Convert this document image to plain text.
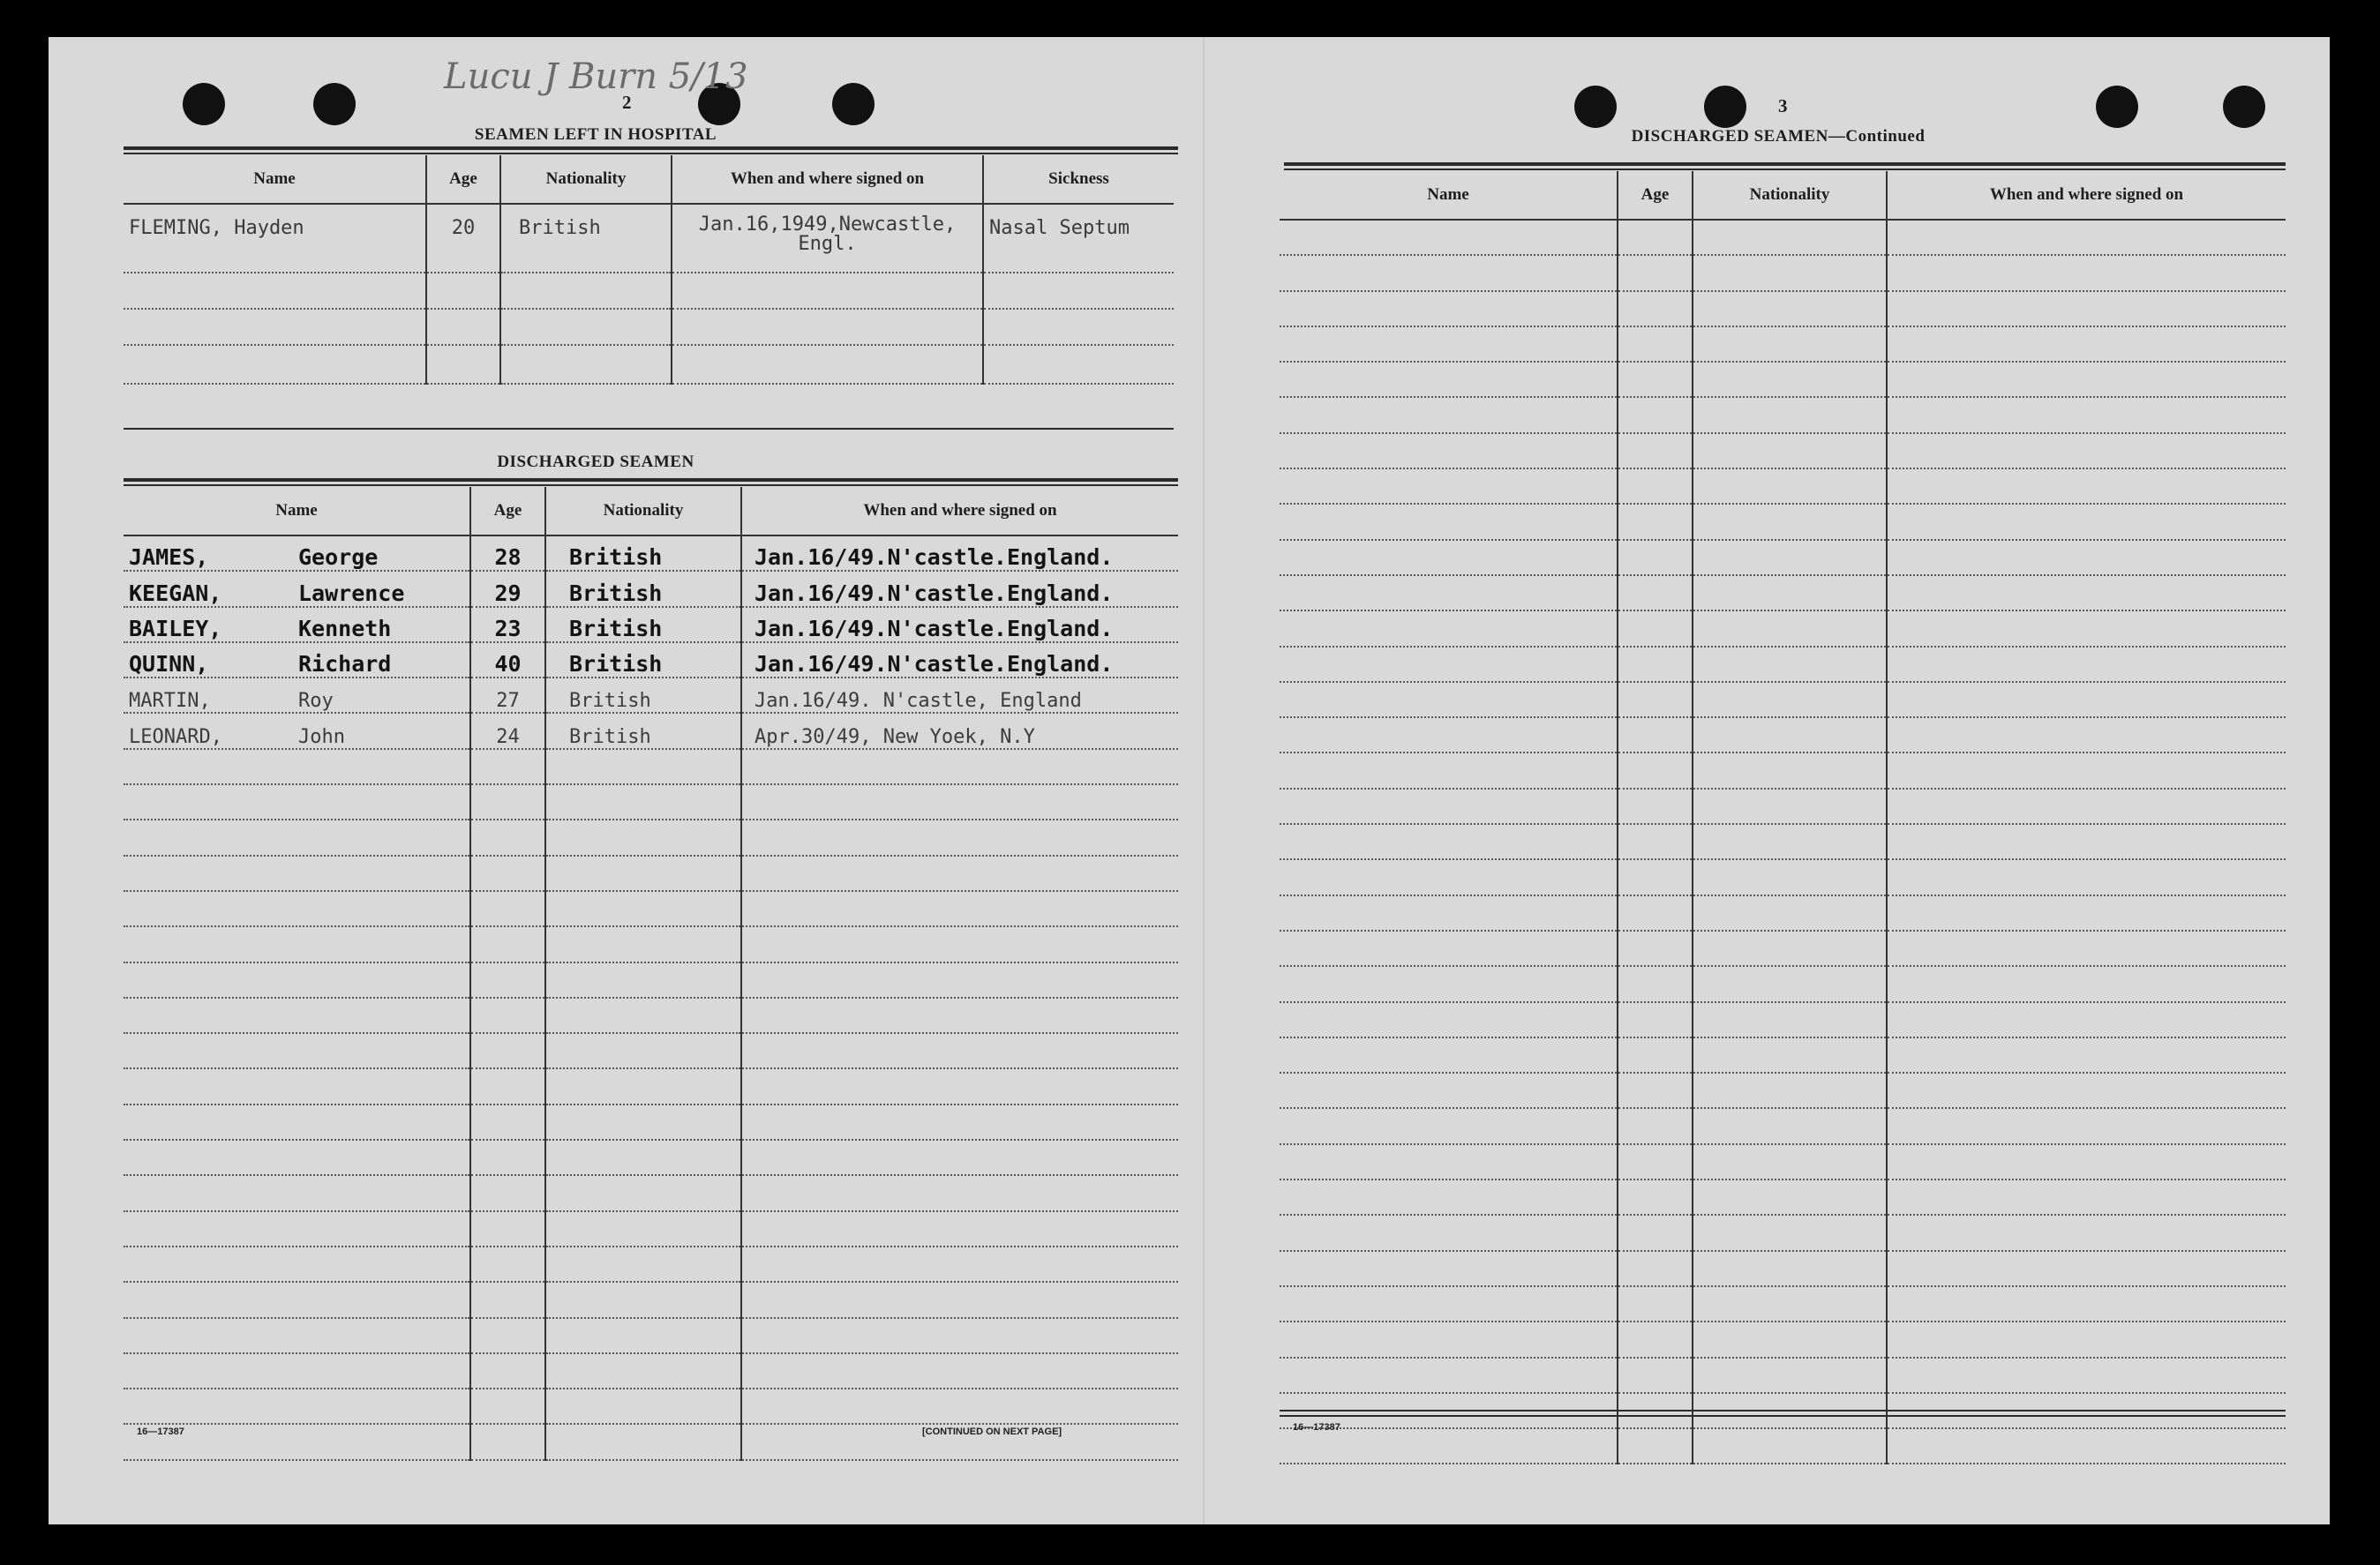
Lucu J Burn 5/13
2
SEAMEN LEFT IN HOSPITAL
Name	Age	Nationality	When and where signed on	Sickness
FLEMING, Hayden	20	British	Jan.16,1949,Newcastle, Engl.	Nasal Septum

DISCHARGED SEAMEN
Name	Age	Nationality	When and where signed on
JAMES, George	28	British	Jan.16/49.N'castle.England.
KEEGAN, Lawrence	29	British	Jan.16/49.N'castle.England.
BAILEY, Kenneth	23	British	Jan.16/49.N'castle.England.
QUINN, Richard	40	British	Jan.16/49.N'castle.England.
MARTIN, Roy	27	British	Jan.16/49. N'castle, England
LEONARD, John	24	British	Apr.30/49, New Yoek, N.Y

16—17387	[CONTINUED ON NEXT PAGE]
3
DISCHARGED SEAMEN—Continued
Name	Age	Nationality	When and where signed on

16—17387
